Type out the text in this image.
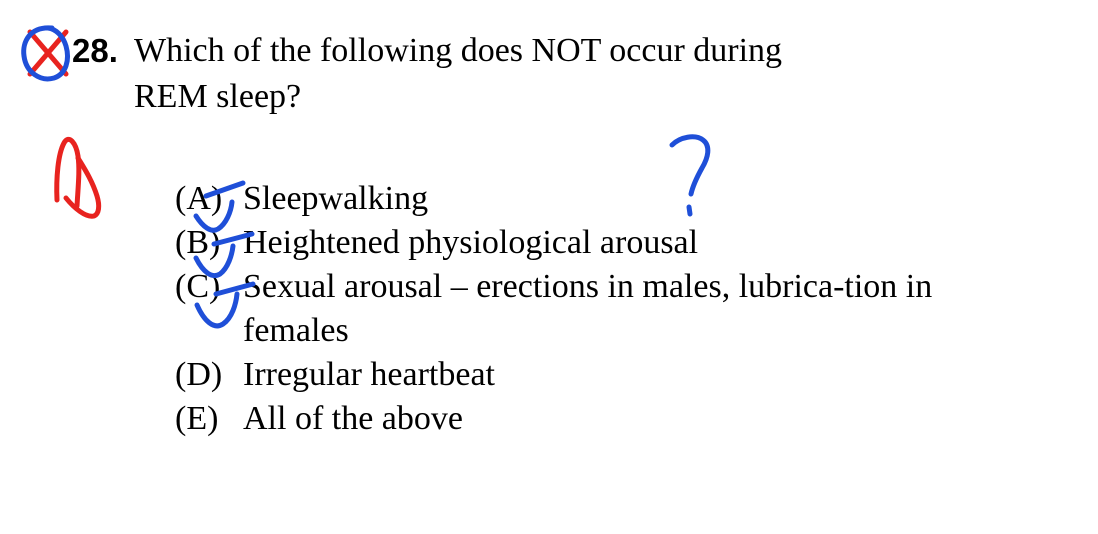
28. Which of the following does NOT occur during REM sleep?
(A) Sleepwalking
(B) Heightened physiological arousal
(C) Sexual arousal – erections in males, lubrica-tion in females
(D) Irregular heartbeat
(E) All of the above
